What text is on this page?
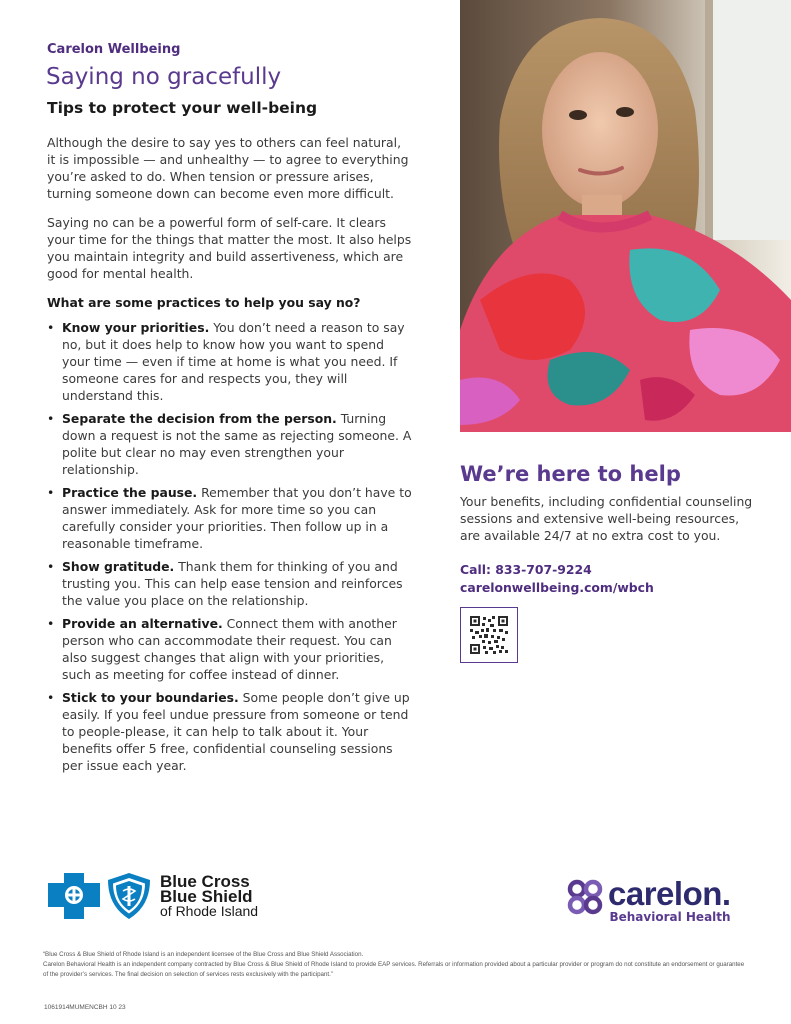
Carelon Wellbeing
Saying no gracefully
Tips to protect your well-being

Although the desire to say yes to others can feel natural, it is impossible — and unhealthy — to agree to everything you’re asked to do. When tension or pressure arises, turning someone down can become even more difficult.

Saying no can be a powerful form of self-care. It clears your time for the things that matter the most. It also helps you maintain integrity and build assertiveness, which are good for mental health.

What are some practices to help you say no?
• Know your priorities. You don’t need a reason to say no, but it does help to know how you want to spend your time — even if time at home is what you need. If someone cares for and respects you, they will understand this.
• Separate the decision from the person. Turning down a request is not the same as rejecting someone. A polite but clear no may even strengthen your relationship.
• Practice the pause. Remember that you don’t have to answer immediately. Ask for more time so you can carefully consider your priorities. Then follow up in a reasonable timeframe.
• Show gratitude. Thank them for thinking of you and trusting you. This can help ease tension and reinforces the value you place on the relationship.
• Provide an alternative. Connect them with another person who can accommodate their request. You can also suggest changes that align with your priorities, such as meeting for coffee instead of dinner.
• Stick to your boundaries. Some people don’t give up easily. If you feel undue pressure from someone or tend to people-please, it can help to talk about it. Your benefits offer 5 free, confidential counseling sessions per issue each year.
We’re here to help

Your benefits, including confidential counseling sessions and extensive well-being resources, are available 24/7 at no extra cost to you.

Call: 833-707-9224
carelonwellbeing.com/wbch
Blue Cross
Blue Shield
of Rhode Island	carelon.
Behavioral Health
“Blue Cross & Blue Shield of Rhode Island is an independent licensee of the Blue Cross and Blue Shield Association.
Carelon Behavioral Health is an independent company contracted by Blue Cross & Blue Shield of Rhode Island to provide EAP services. Referrals or information provided about a particular provider or program do not constitute an endorsement or guarantee of the provider’s services. The final decision on selection of services rests exclusively with the participant.”
1061914MUMENCBH 10 23
